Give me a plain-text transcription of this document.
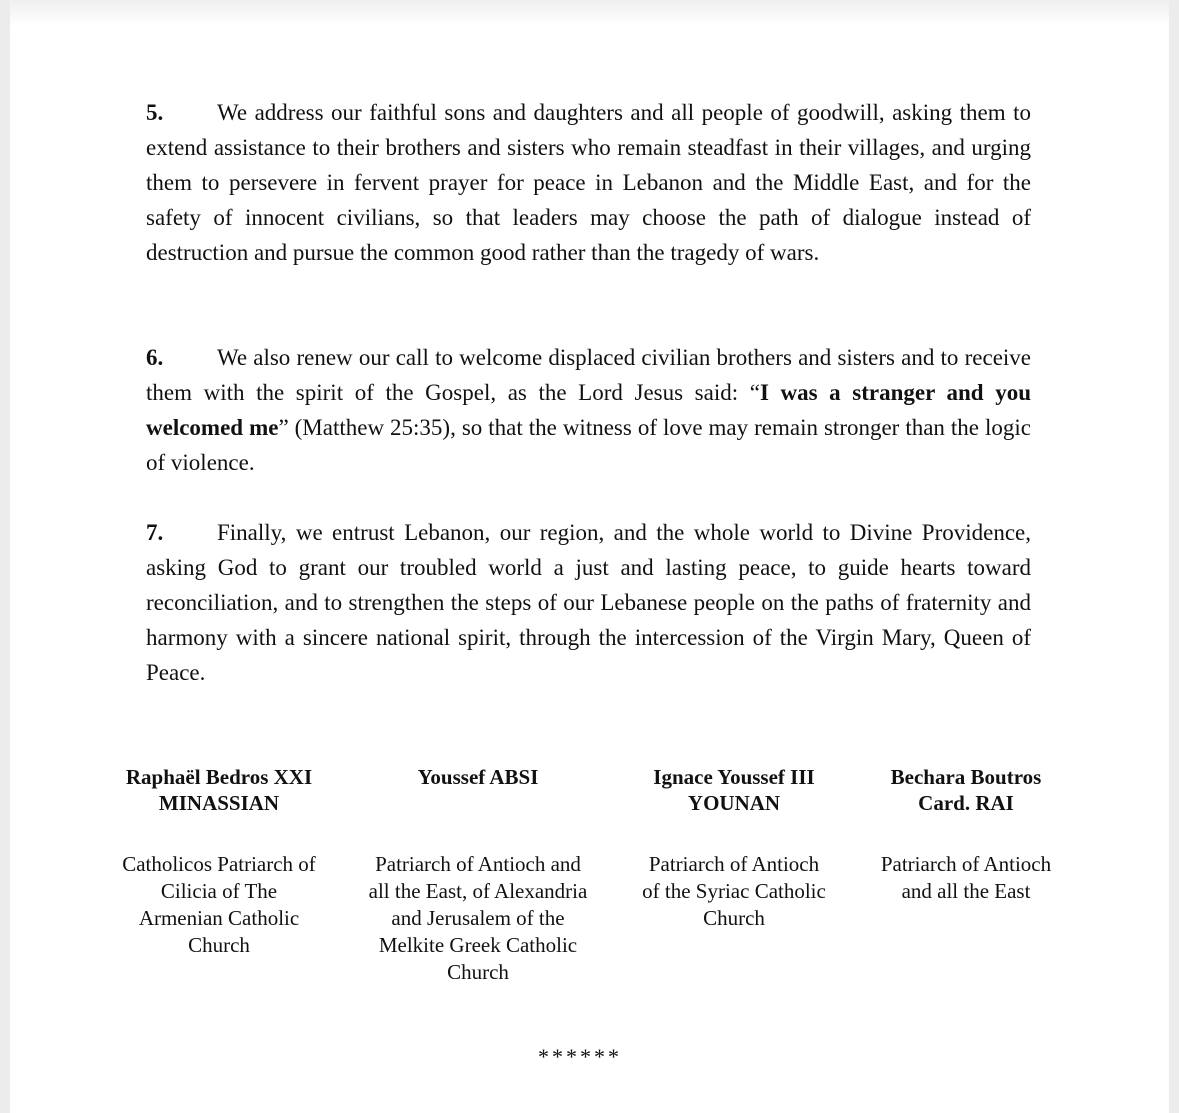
5. We address our faithful sons and daughters and all people of goodwill, asking them to extend assistance to their brothers and sisters who remain steadfast in their villages, and urging them to persevere in fervent prayer for peace in Lebanon and the Middle East, and for the safety of innocent civilians, so that leaders may choose the path of dialogue instead of destruction and pursue the common good rather than the tragedy of wars.

6. We also renew our call to welcome displaced civilian brothers and sisters and to receive them with the spirit of the Gospel, as the Lord Jesus said: “I was a stranger and you welcomed me” (Matthew 25:35), so that the witness of love may remain stronger than the logic of violence.

7. Finally, we entrust Lebanon, our region, and the whole world to Divine Providence, asking God to grant our troubled world a just and lasting peace, to guide hearts toward reconciliation, and to strengthen the steps of our Lebanese people on the paths of fraternity and harmony with a sincere national spirit, through the intercession of the Virgin Mary, Queen of Peace.

Raphaël Bedros XXI
MINASSIAN

Catholicos Patriarch of
Cilicia of The
Armenian Catholic
Church

Youssef ABSI

Patriarch of Antioch and
all the East, of Alexandria
and Jerusalem of the
Melkite Greek Catholic
Church

Ignace Youssef III
YOUNAN

Patriarch of Antioch
of the Syriac Catholic
Church

Bechara Boutros
Card. RAI

Patriarch of Antioch
and all the East

******
